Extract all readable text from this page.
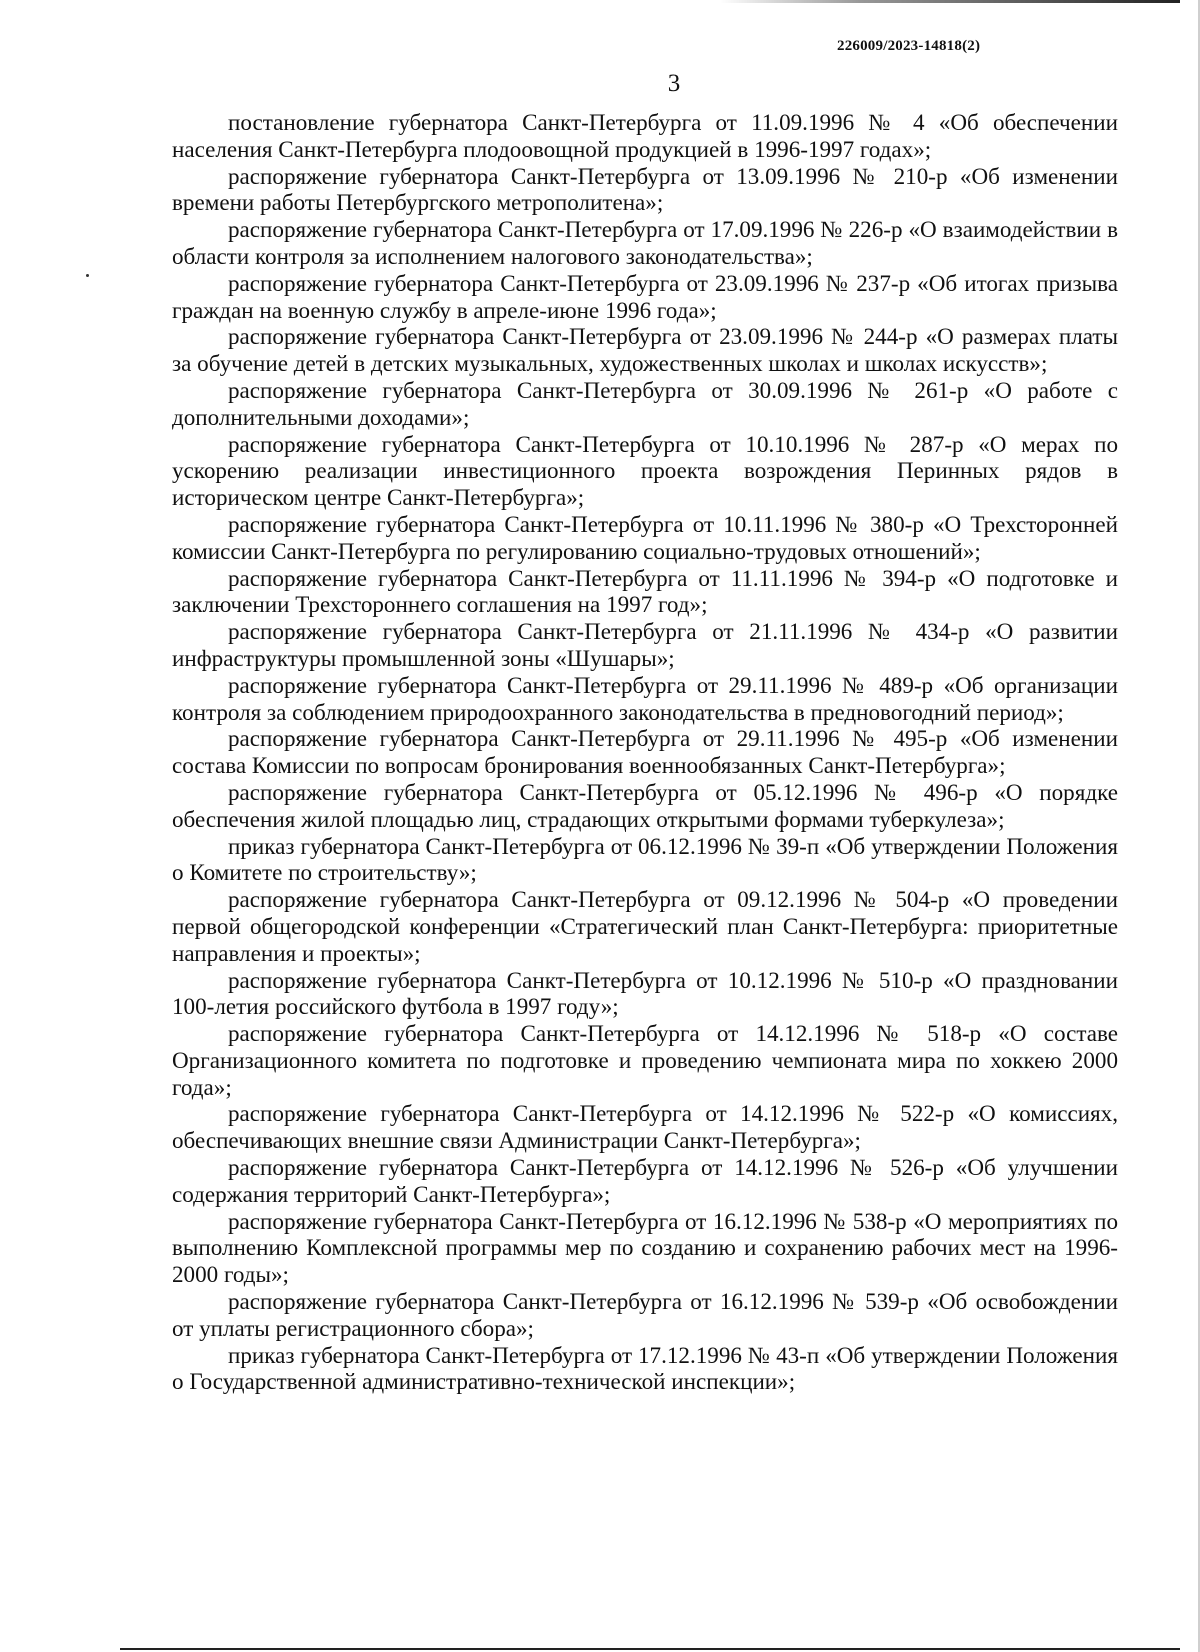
226009/2023-14818(2)
3

постановление губернатора Санкт-Петербурга от 11.09.1996 № 4 «Об обеспечении населения Санкт-Петербурга плодоовощной продукцией в 1996-1997 годах»;

распоряжение губернатора Санкт-Петербурга от 13.09.1996 № 210-р «Об изменении времени работы Петербургского метрополитена»;

распоряжение губернатора Санкт-Петербурга от 17.09.1996 № 226-р «О взаимодействии в области контроля за исполнением налогового законодательства»;

распоряжение губернатора Санкт-Петербурга от 23.09.1996 № 237-р «Об итогах призыва граждан на военную службу в апреле-июне 1996 года»;

распоряжение губернатора Санкт-Петербурга от 23.09.1996 № 244-р «О размерах платы за обучение детей в детских музыкальных, художественных школах и школах искусств»;

распоряжение губернатора Санкт-Петербурга от 30.09.1996 № 261-р «О работе с дополнительными доходами»;

распоряжение губернатора Санкт-Петербурга от 10.10.1996 № 287-р «О мерах по ускорению реализации инвестиционного проекта возрождения Перинных рядов в историческом центре Санкт-Петербурга»;

распоряжение губернатора Санкт-Петербурга от 10.11.1996 № 380-р «О Трехсторонней комиссии Санкт-Петербурга по регулированию социально-трудовых отношений»;

распоряжение губернатора Санкт-Петербурга от 11.11.1996 № 394-р «О подготовке и заключении Трехстороннего соглашения на 1997 год»;

распоряжение губернатора Санкт-Петербурга от 21.11.1996 № 434-р «О развитии инфраструктуры промышленной зоны «Шушары»;

распоряжение губернатора Санкт-Петербурга от 29.11.1996 № 489-р «Об организации контроля за соблюдением природоохранного законодательства в предновогодний период»;

распоряжение губернатора Санкт-Петербурга от 29.11.1996 № 495-р «Об изменении состава Комиссии по вопросам бронирования военнообязанных Санкт-Петербурга»;

распоряжение губернатора Санкт-Петербурга от 05.12.1996 № 496-р «О порядке обеспечения жилой площадью лиц, страдающих открытыми формами туберкулеза»;

приказ губернатора Санкт-Петербурга от 06.12.1996 № 39-п «Об утверждении Положения о Комитете по строительству»;

распоряжение губернатора Санкт-Петербурга от 09.12.1996 № 504-р «О проведении первой общегородской конференции «Стратегический план Санкт-Петербурга: приоритетные направления и проекты»;

распоряжение губернатора Санкт-Петербурга от 10.12.1996 № 510-р «О праздновании 100-летия российского футбола в 1997 году»;

распоряжение губернатора Санкт-Петербурга от 14.12.1996 № 518-р «О составе Организационного комитета по подготовке и проведению чемпионата мира по хоккею 2000 года»;

распоряжение губернатора Санкт-Петербурга от 14.12.1996 № 522-р «О комиссиях, обеспечивающих внешние связи Администрации Санкт-Петербурга»;

распоряжение губернатора Санкт-Петербурга от 14.12.1996 № 526-р «Об улучшении содержания территорий Санкт-Петербурга»;

распоряжение губернатора Санкт-Петербурга от 16.12.1996 № 538-р «О мероприятиях по выполнению Комплексной программы мер по созданию и сохранению рабочих мест на 1996-2000 годы»;

распоряжение губернатора Санкт-Петербурга от 16.12.1996 № 539-р «Об освобождении от уплаты регистрационного сбора»;

приказ губернатора Санкт-Петербурга от 17.12.1996 № 43-п «Об утверждении Положения о Государственной административно-технической инспекции»;
